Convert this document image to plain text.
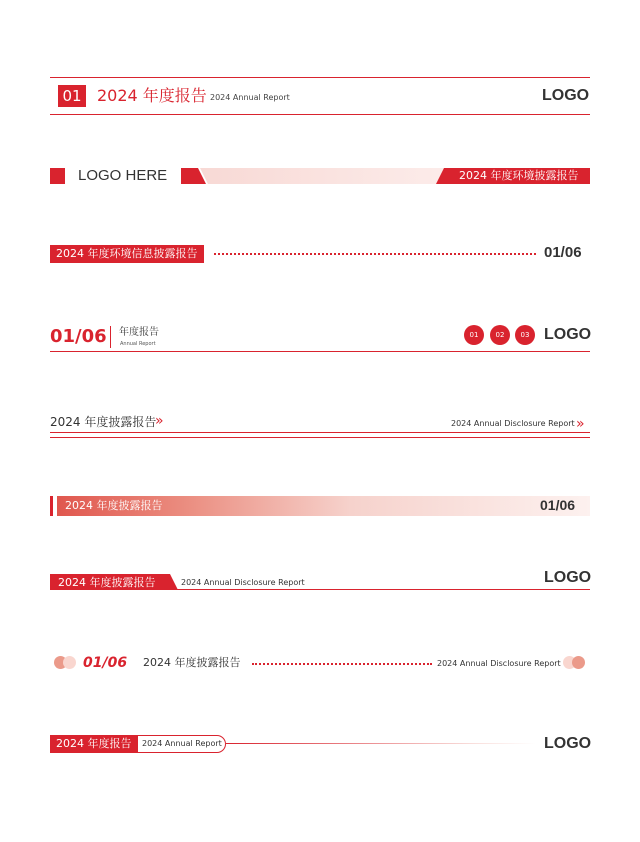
01 2024 年度报告 2024 Annual Report	LOGO
LOGO HERE	2024 年度环境披露报告
2024 年度环境信息披露报告	01/06
01/06 年度报告
Annual Report
01	02	03 LOGO
2024 年度披露报告
»	2024 Annual Disclosure Report »
2024 年度披露报告	01/06
2024 年度披露报告	2024 Annual Disclosure Report	LOGO
01/06 2024 年度披露报告	2024 Annual Disclosure Report
2024 年度报告	2024 Annual Report	LOGO
